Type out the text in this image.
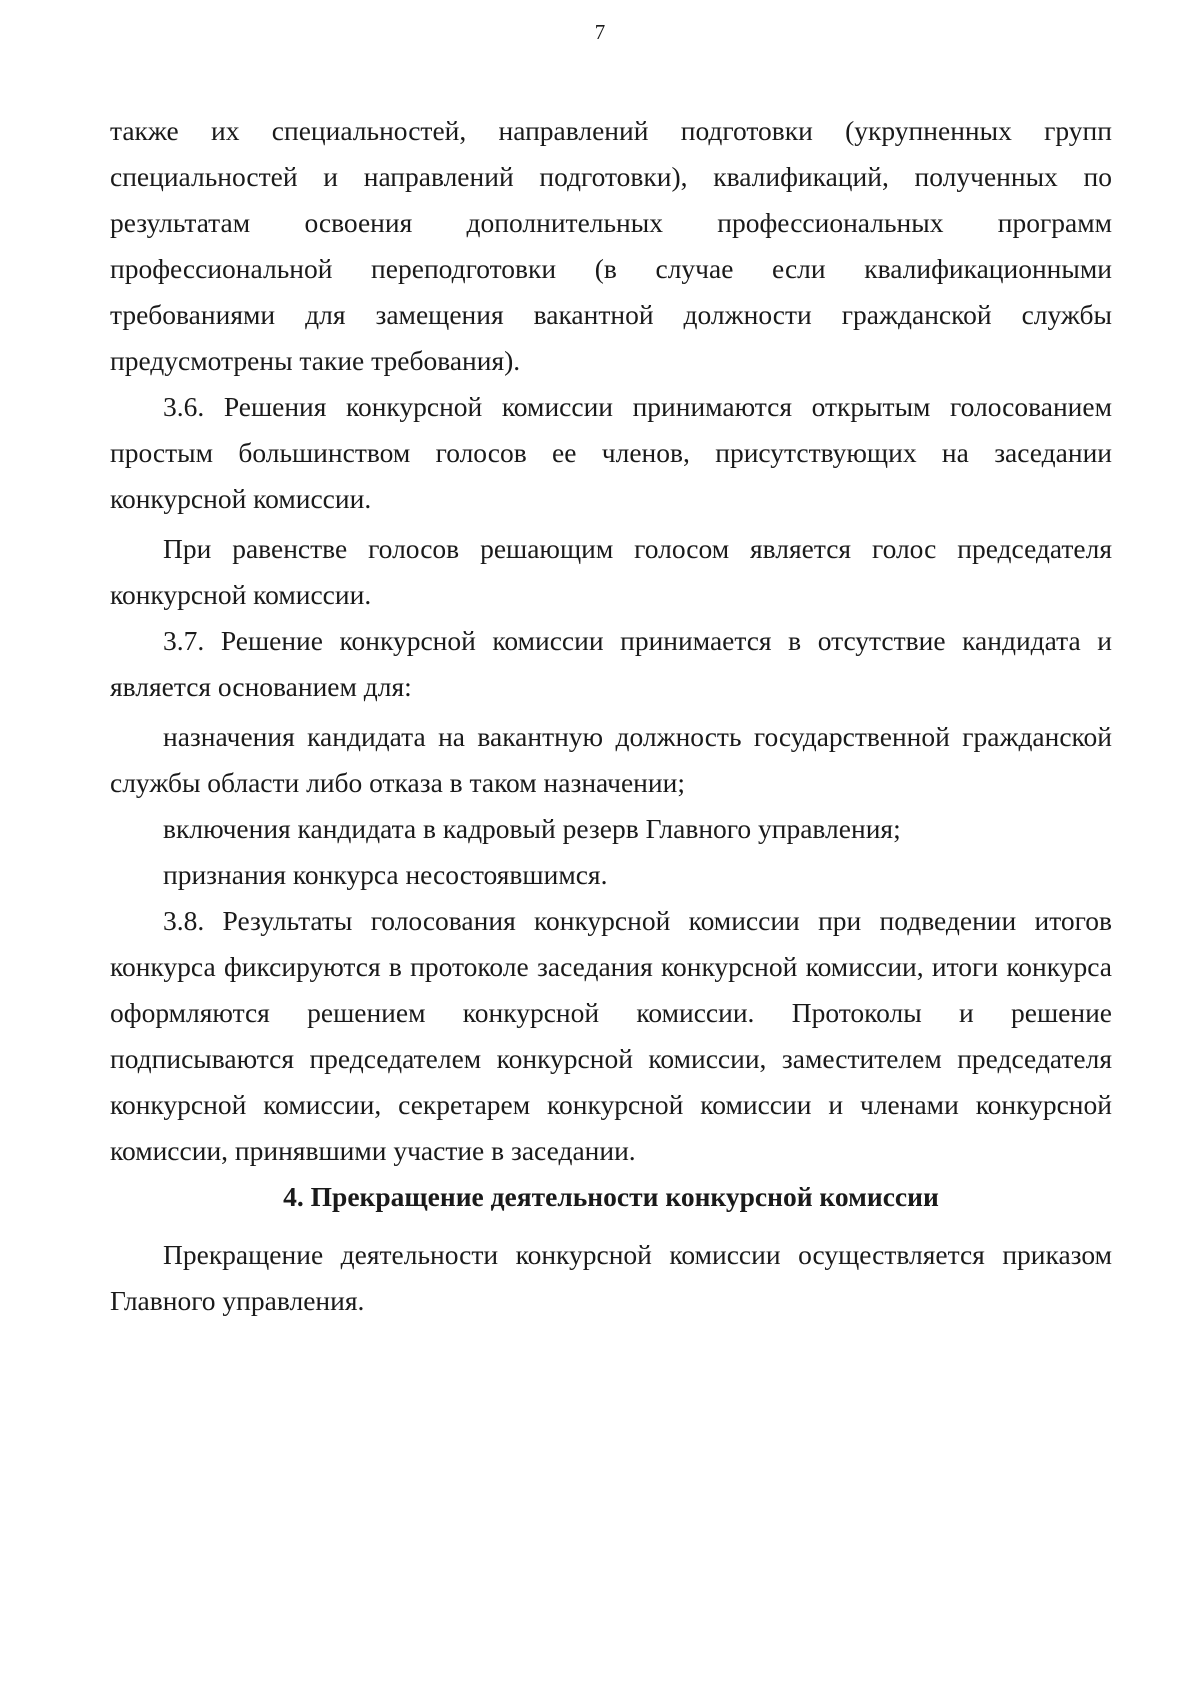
7

также их специальностей, направлений подготовки (укрупненных групп специальностей и направлений подготовки), квалификаций, полученных по результатам освоения дополнительных профессиональных программ профессиональной переподготовки (в случае если квалификационными требованиями для замещения вакантной должности гражданской службы предусмотрены такие требования).

3.6. Решения конкурсной комиссии принимаются открытым голосованием простым большинством голосов ее членов, присутствующих на заседании конкурсной комиссии.

При равенстве голосов решающим голосом является голос председателя конкурсной комиссии.

3.7. Решение конкурсной комиссии принимается в отсутствие кандидата и является основанием для:

назначения кандидата на вакантную должность государственной гражданской службы области либо отказа в таком назначении;

включения кандидата в кадровый резерв Главного управления;

признания конкурса несостоявшимся.

3.8. Результаты голосования конкурсной комиссии при подведении итогов конкурса фиксируются в протоколе заседания конкурсной комиссии, итоги конкурса оформляются решением конкурсной комиссии. Протоколы и решение подписываются председателем конкурсной комиссии, заместителем председателя конкурсной комиссии, секретарем конкурсной комиссии и членами конкурсной комиссии, принявшими участие в заседании.

4. Прекращение деятельности конкурсной комиссии

Прекращение деятельности конкурсной комиссии осуществляется приказом Главного управления.
